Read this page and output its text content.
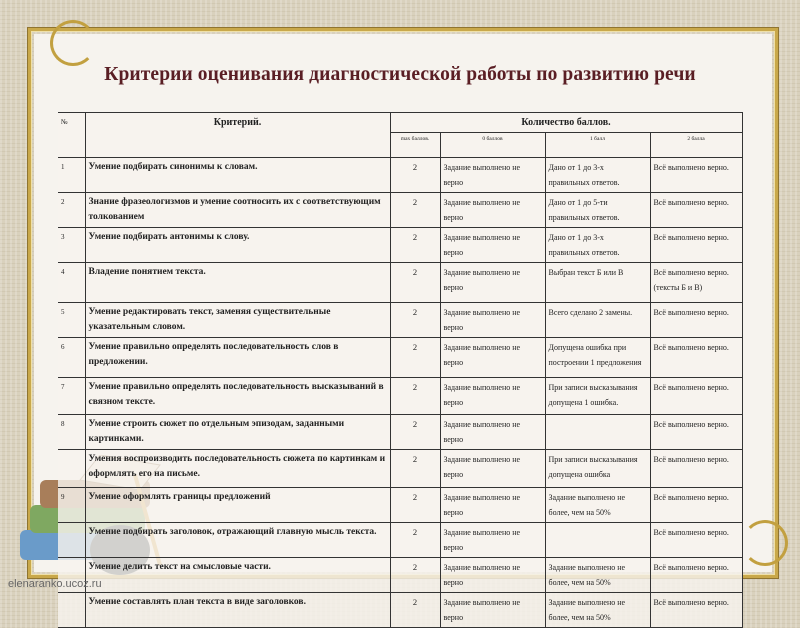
Критерии оценивания диагностической работы по развитию речи
№	Критерий.	Количество баллов.			
		max баллов.	0 баллов	1 балл	2 балла
1	Умение подбирать синонимы к словам.	2	Задание выполнено не верно	Дано от 1 до 3-х правильных ответов.	Всё выполнено верно.
2	Знание фразеологизмов и умение соотносить их с соответствующим толкованием	2	Задание выполнено не верно	Дано от 1 до 5-ти правильных ответов.	Всё выполнено верно.
3	Умение подбирать антонимы к слову.	2	Задание выполнено не верно	Дано от 1 до 3-х правильных ответов.	Всё выполнено верно.
4	Владение понятием текста.	2	Задание выполнено не верно	Выбран текст Б или В	Всё выполнено верно. (тексты Б и В)
5	Умение редактировать текст, заменяя существительные указательным словом.	2	Задание выполнено не верно	Всего сделано 2 замены.	Всё выполнено верно.
6	Умение правильно определять последовательность слов в предложении.	2	Задание выполнено не верно	Допущена ошибка при построении 1 предложения	Всё выполнено верно.
7	Умение правильно определять последовательность высказываний в связном тексте.	2	Задание выполнено не верно	При записи высказывания допущена 1 ошибка.	Всё выполнено верно.
8	Умение строить сюжет по отдельным эпизодам, заданными картинками.	2	Задание выполнено не верно		Всё выполнено верно.
	Умения воспроизводить последовательность сюжета по картинкам и оформлять его на письме.	2	Задание выполнено не верно	При записи высказывания допущена ошибка	Всё выполнено верно.
9	Умение оформлять границы предложений	2	Задание выполнено не верно	Задание выполнено не более, чем на 50%	Всё выполнено верно.
	Умение подбирать заголовок, отражающий главную мысль текста.	2	Задание выполнено не верно		Всё выполнено верно.
	Умение делить текст на смысловые части.	2	Задание выполнено не верно	Задание выполнено не более, чем на 50%	Всё выполнено верно.
	Умение составлять план текста в виде заголовков.	2	Задание выполнено не верно	Задание выполнено не более, чем на 50%	Всё выполнено верно.
elenaranko.ucoz.ru
